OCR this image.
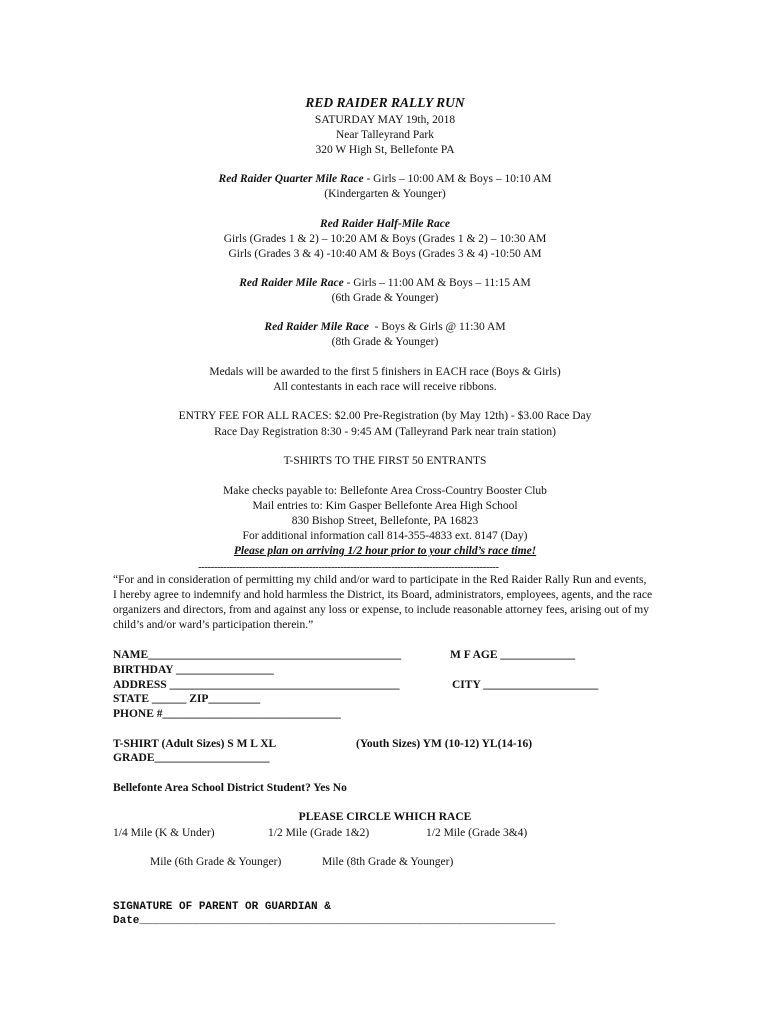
RED RAIDER RALLY RUN
SATURDAY MAY 19th, 2018
Near Talleyrand Park
320 W High St, Bellefonte PA
Red Raider Quarter Mile Race - Girls – 10:00 AM & Boys – 10:10 AM
(Kindergarten & Younger)
Red Raider Half-Mile Race
Girls (Grades 1 & 2) – 10:20 AM & Boys (Grades 1 & 2) – 10:30 AM
Girls (Grades 3 & 4) -10:40 AM & Boys (Grades 3 & 4) -10:50 AM
Red Raider Mile Race - Girls – 11:00 AM & Boys – 11:15 AM
(6th Grade & Younger)
Red Raider Mile Race  - Boys & Girls @ 11:30 AM
(8th Grade & Younger)
Medals will be awarded to the first 5 finishers in EACH race (Boys & Girls)
All contestants in each race will receive ribbons.
ENTRY FEE FOR ALL RACES: $2.00 Pre-Registration (by May 12th) - $3.00 Race Day
Race Day Registration 8:30 - 9:45 AM (Talleyrand Park near train station)
T-SHIRTS TO THE FIRST 50 ENTRANTS
Make checks payable to: Bellefonte Area Cross-Country Booster Club
Mail entries to: Kim Gasper Bellefonte Area High School
830 Bishop Street, Bellefonte, PA 16823
For additional information call 814-355-4833 ext. 8147 (Day)
Please plan on arriving 1/2 hour prior to your child’s race time!
-----------------------------------------------------------------------------------------------
“For and in consideration of permitting my child and/or ward to participate in the Red Raider Rally Run and events, I hereby agree to indemnify and hold harmless the District, its Board, administrators, employees, agents, and the race organizers and directors, from and against any loss or expense, to include reasonable attorney fees, arising out of my child’s and/or ward’s participation therein.”
NAME____________________________________________	M F AGE _____________
BIRTHDAY _________________
ADDRESS ________________________________________	CITY ____________________
STATE ______ ZIP_________
PHONE #_______________________________
T-SHIRT (Adult Sizes) S M L XL	(Youth Sizes) YM (10-12) YL(14-16)
GRADE____________________
Bellefonte Area School District Student? Yes No
PLEASE CIRCLE WHICH RACE
1/4 Mile (K & Under)	1/2 Mile (Grade 1&2)	1/2 Mile (Grade 3&4)
Mile (6th Grade & Younger)	Mile (8th Grade & Younger)
SIGNATURE OF PARENT OR GUARDIAN &
Date_______________________________________________________________
